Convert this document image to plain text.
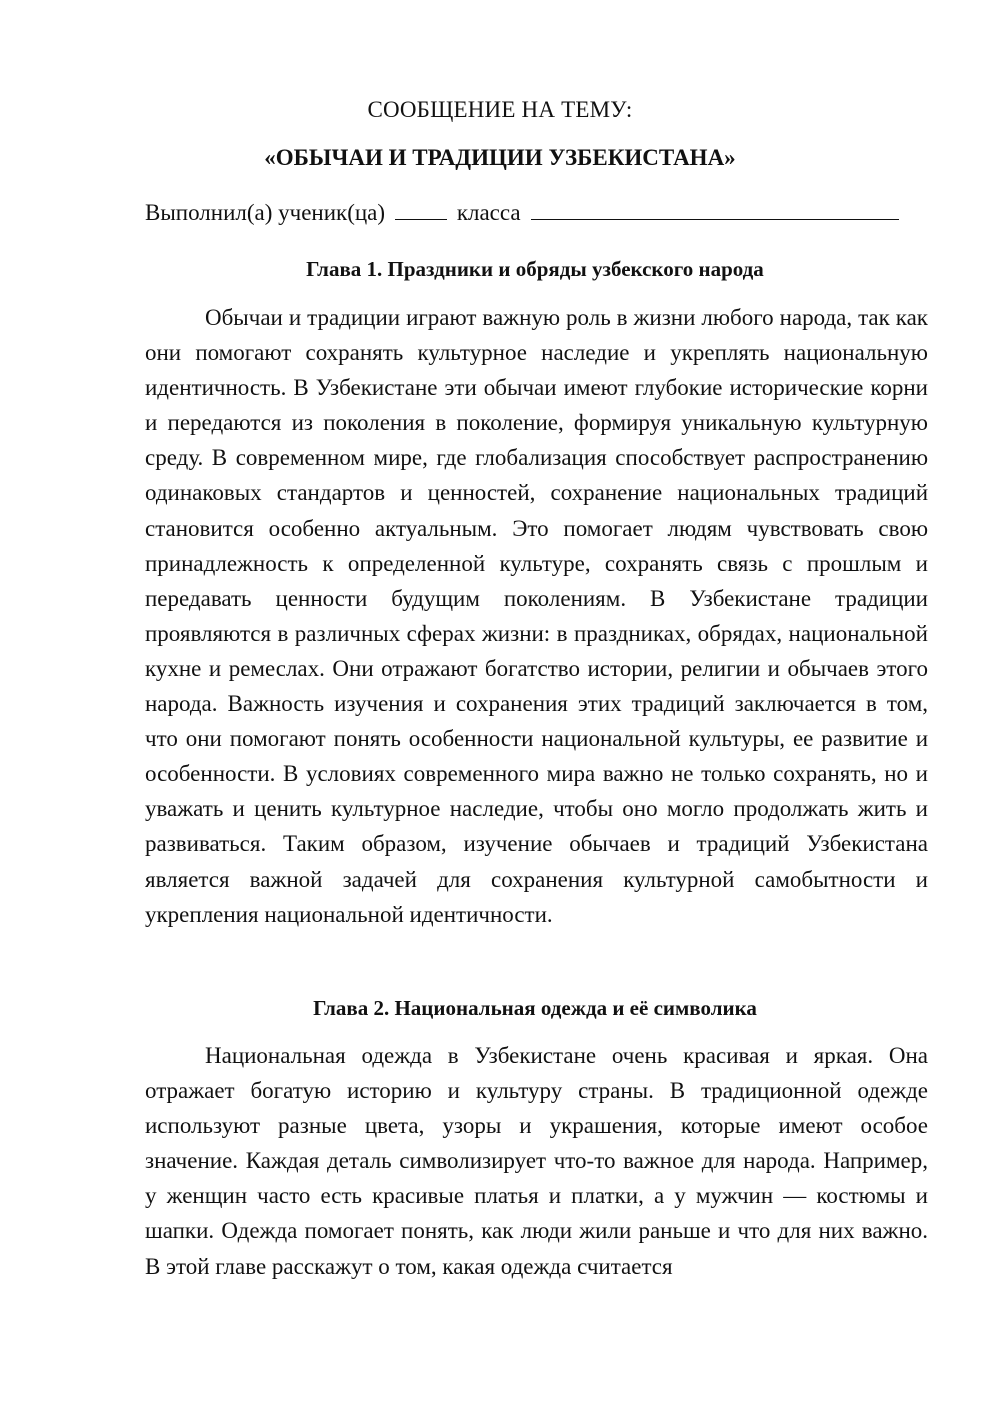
СООБЩЕНИЕ НА ТЕМУ:
«ОБЫЧАИ И ТРАДИЦИИ УЗБЕКИСТАНА»
Выполнил(а) ученик(ца)	класса
Глава 1. Праздники и обряды узбекского народа

Обычаи и традиции играют важную роль в жизни любого народа, так как они помогают сохранять культурное наследие и укреплять национальную идентичность. В Узбекистане эти обычаи имеют глубокие исторические корни и передаются из поколения в поколение, формируя уникальную культурную среду. В современном мире, где глобализация способствует распространению одинаковых стандартов и ценностей, сохранение национальных традиций становится особенно актуальным. Это помогает людям чувствовать свою принадлежность к определенной культуре, сохранять связь с прошлым и передавать ценности будущим поколениям. В Узбекистане традиции проявляются в различных сферах жизни: в праздниках, обрядах, национальной кухне и ремеслах. Они отражают богатство истории, религии и обычаев этого народа. Важность изучения и сохранения этих традиций заключается в том, что они помогают понять особенности национальной культуры, ее развитие и особенности. В условиях современного мира важно не только сохранять, но и уважать и ценить культурное наследие, чтобы оно могло продолжать жить и развиваться. Таким образом, изучение обычаев и традиций Узбекистана является важной задачей для сохранения культурной самобытности и укрепления национальной идентичности.

Глава 2. Национальная одежда и её символика

Национальная одежда в Узбекистане очень красивая и яркая. Она отражает богатую историю и культуру страны. В традиционной одежде используют разные цвета, узоры и украшения, которые имеют особое значение. Каждая деталь символизирует что-то важное для народа. Например, у женщин часто есть красивые платья и платки, а у мужчин — костюмы и шапки. Одежда помогает понять, как люди жили раньше и что для них важно. В этой главе расскажут о том, какая одежда считается
